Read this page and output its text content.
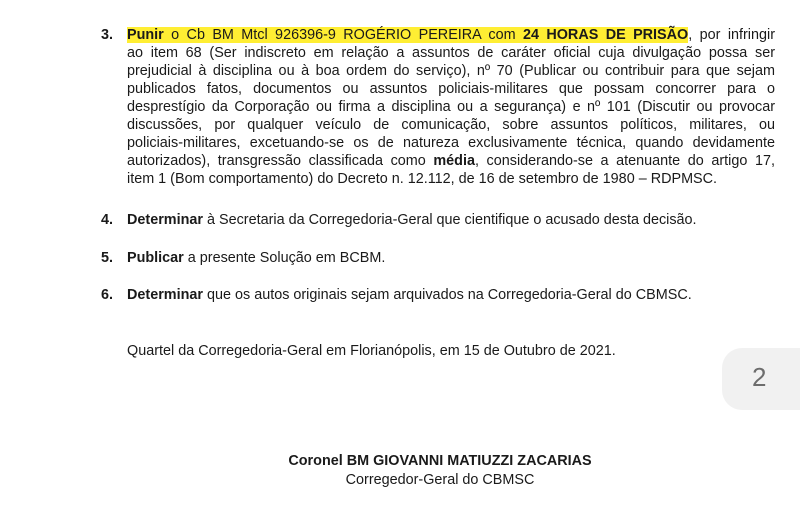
3. Punir o Cb BM Mtcl 926396-9 ROGÉRIO PEREIRA com 24 HORAS DE PRISÃO, por infringir
ao item 68 (Ser indiscreto em relação a assuntos de caráter oficial cuja divulgação possa ser
prejudicial à disciplina ou à boa ordem do serviço), nº 70 (Publicar ou contribuir para que sejam
publicados fatos, documentos ou assuntos policiais-militares que possam concorrer para o
desprestígio da Corporação ou firma a disciplina ou a segurança) e nº 101 (Discutir ou provocar
discussões, por qualquer veículo de comunicação, sobre assuntos políticos, militares, ou
policiais-militares, excetuando-se os de natureza exclusivamente técnica, quando devidamente
autorizados), transgressão classificada como média, considerando-se a atenuante do artigo 17,
item 1 (Bom comportamento) do Decreto n. 12.112, de 16 de setembro de 1980 – RDPMSC.
4. Determinar à Secretaria da Corregedoria-Geral que cientifique o acusado desta decisão.
5. Publicar a presente Solução em BCBM.
6. Determinar que os autos originais sejam arquivados na Corregedoria-Geral do CBMSC.
Quartel da Corregedoria-Geral em Florianópolis, em 15 de Outubro de 2021.
2
Coronel BM GIOVANNI MATIUZZI ZACARIAS
Corregedor-Geral do CBMSC
